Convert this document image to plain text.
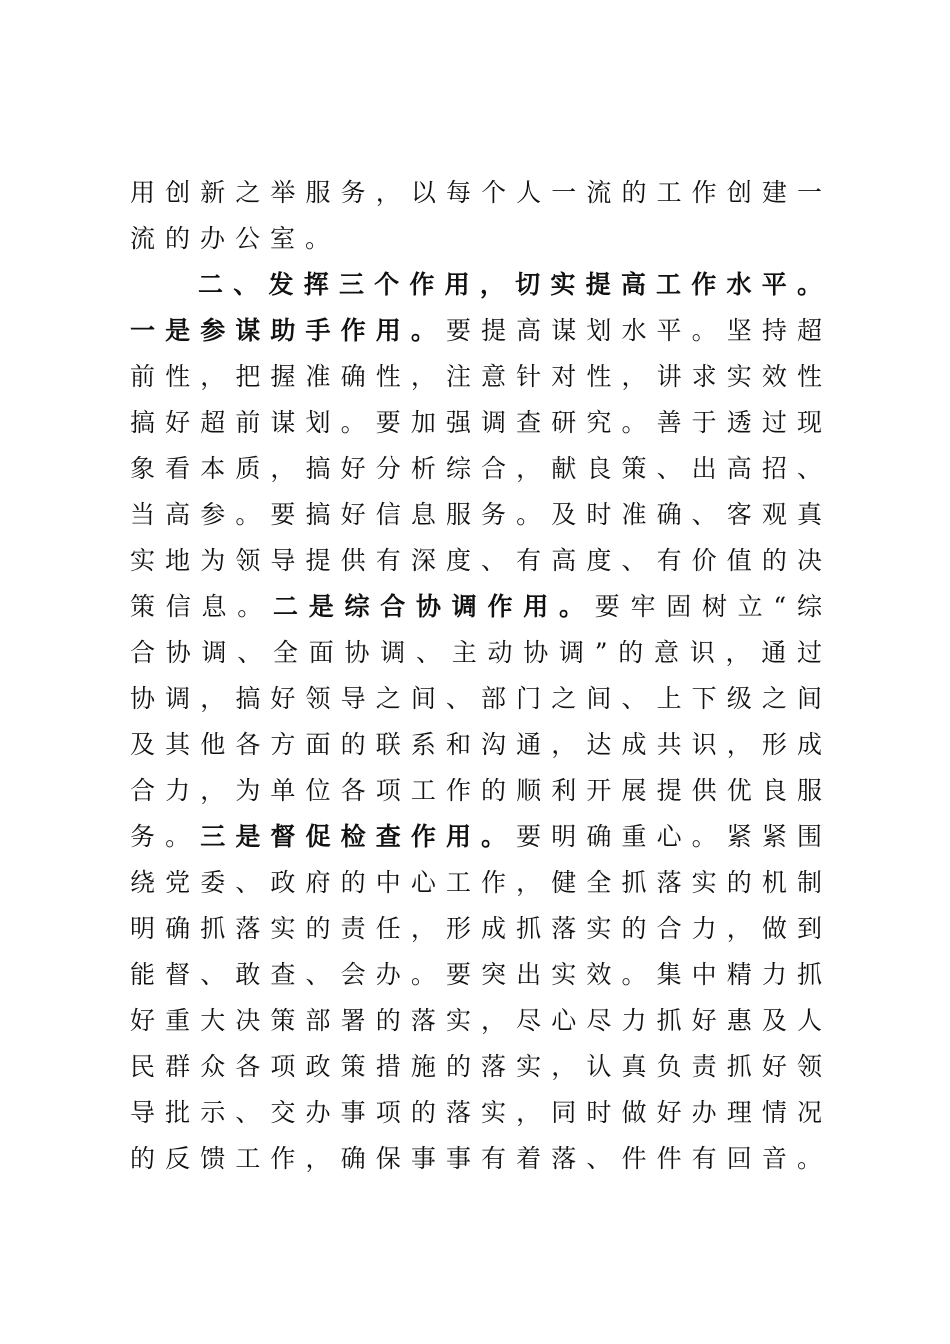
用创新之举服务，以每个人一流的工作创建一
流的办公室。
二、发挥三个作用，切实提高工作水平。
一是参谋助手作用。要提高谋划水平。坚持超
前性，把握准确性，注意针对性，讲求实效性
搞好超前谋划。要加强调查研究。善于透过现
象看本质，搞好分析综合，献良策、出高招、
当高参。要搞好信息服务。及时准确、客观真
实地为领导提供有深度、有高度、有价值的决
策信息。二是综合协调作用。要牢固树立“综
合协调、全面协调、主动协调”的意识，通过
协调，搞好领导之间、部门之间、上下级之间
及其他各方面的联系和沟通，达成共识，形成
合力，为单位各项工作的顺利开展提供优良服
务。三是督促检查作用。要明确重心。紧紧围
绕党委、政府的中心工作，健全抓落实的机制
明确抓落实的责任，形成抓落实的合力，做到
能督、敢查、会办。要突出实效。集中精力抓
好重大决策部署的落实，尽心尽力抓好惠及人
民群众各项政策措施的落实，认真负责抓好领
导批示、交办事项的落实，同时做好办理情况
的反馈工作，确保事事有着落、件件有回音。
